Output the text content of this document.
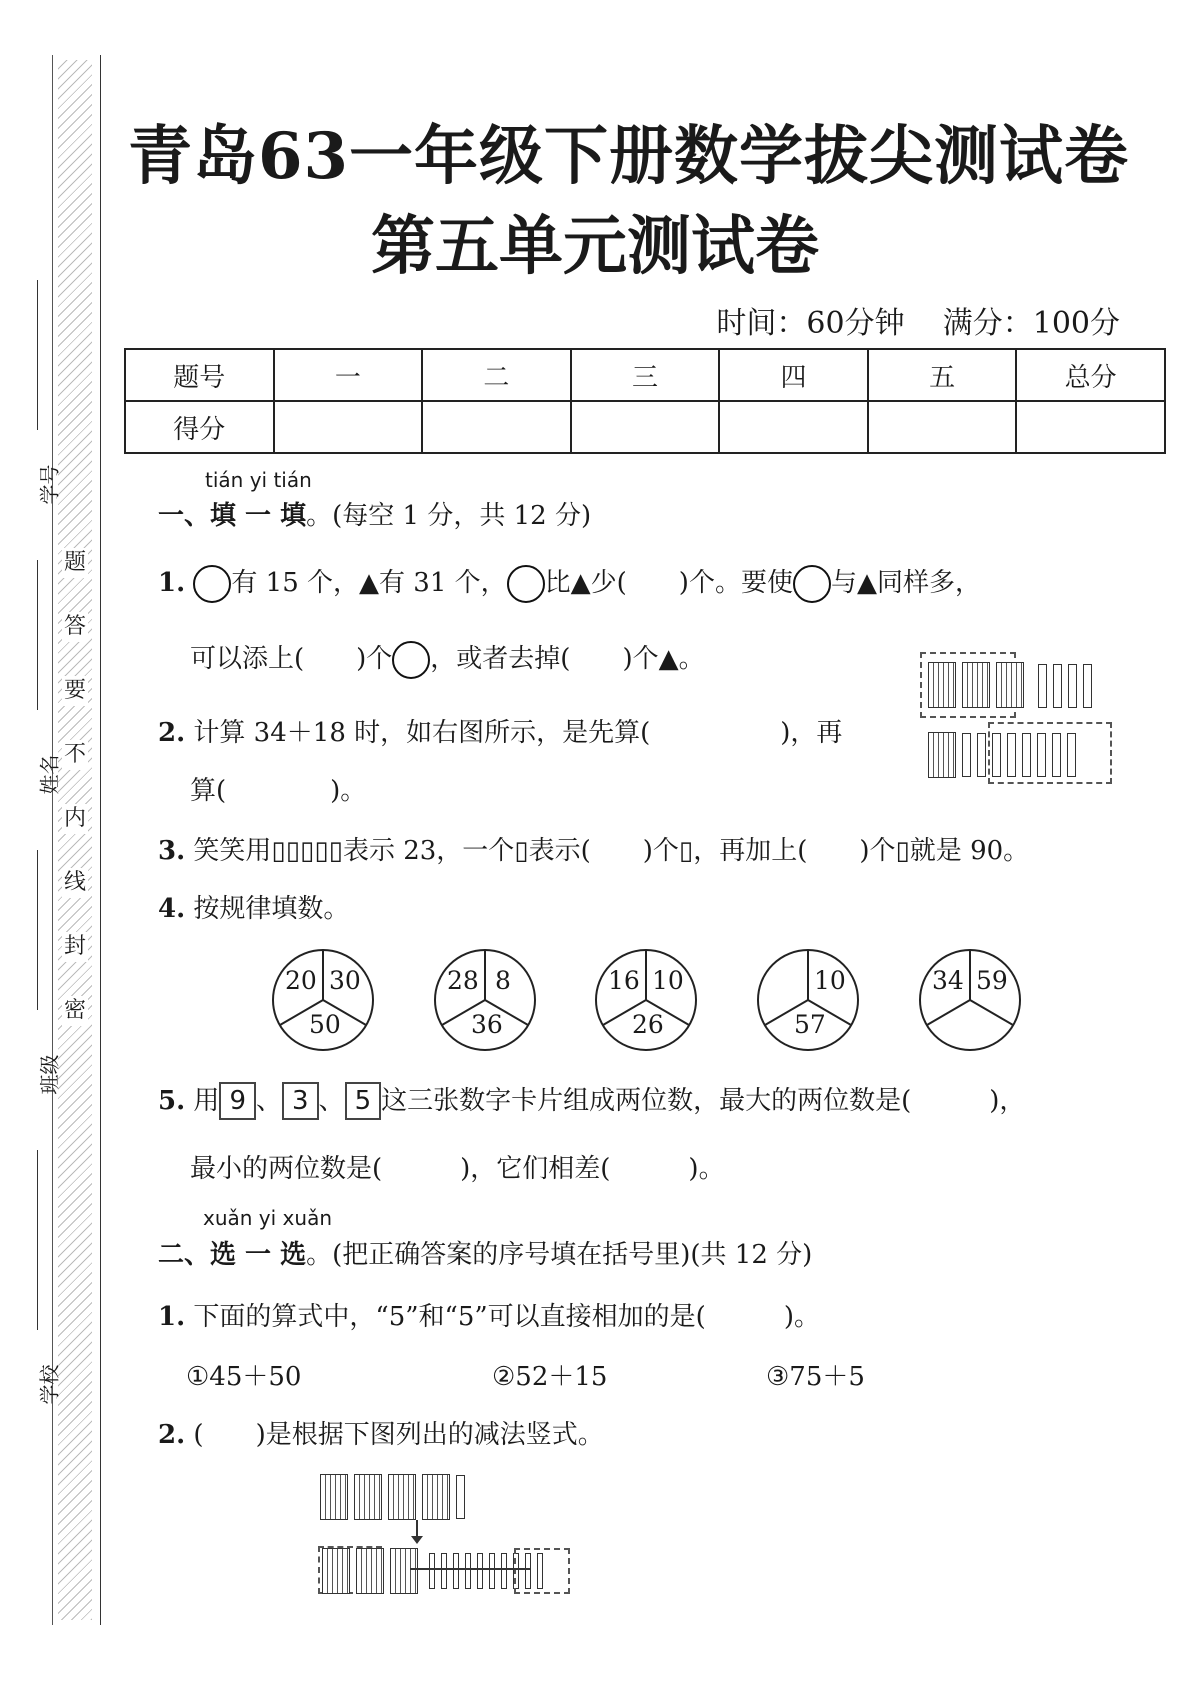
题
答
要
不
内
线
封
密
学号
姓名
班级
学校
青岛63一年级下册数学拔尖测试卷
第五单元测试卷
时间：60分钟 满分：100分
题号	一	二	三	四	五	总分
得分						
tián yi tián
一、填 一 填。(每空 1 分，共 12 分)
1. 有 15 个，▲有 31 个， 比▲少(　　)个。要使 与▲同样多，
可以添上(　　)个 ，或者去掉(　　)个▲。
2. 计算 34＋18 时，如右图所示，是先算(　　　　　)，再
算(　　　　)。
3. 笑笑用▯▯▯▯▯表示 23，一个▯表示(　　)个▯，再加上(　　)个▯就是 90。
4. 按规律填数。
20 30
50
28 8
36
16 10
26
10
57
34 59
5. 用 9 、 3 、 5 这三张数字卡片组成两位数，最大的两位数是(　　　)，
最小的两位数是(　　　)，它们相差(　　　)。
xuǎn yi xuǎn
二、选 一 选。(把正确答案的序号填在括号里)(共 12 分)
1. 下面的算式中，“5”和“5”可以直接相加的是(　　　)。
①45＋50	②52＋15	③75＋5
2. (　　)是根据下图列出的减法竖式。
